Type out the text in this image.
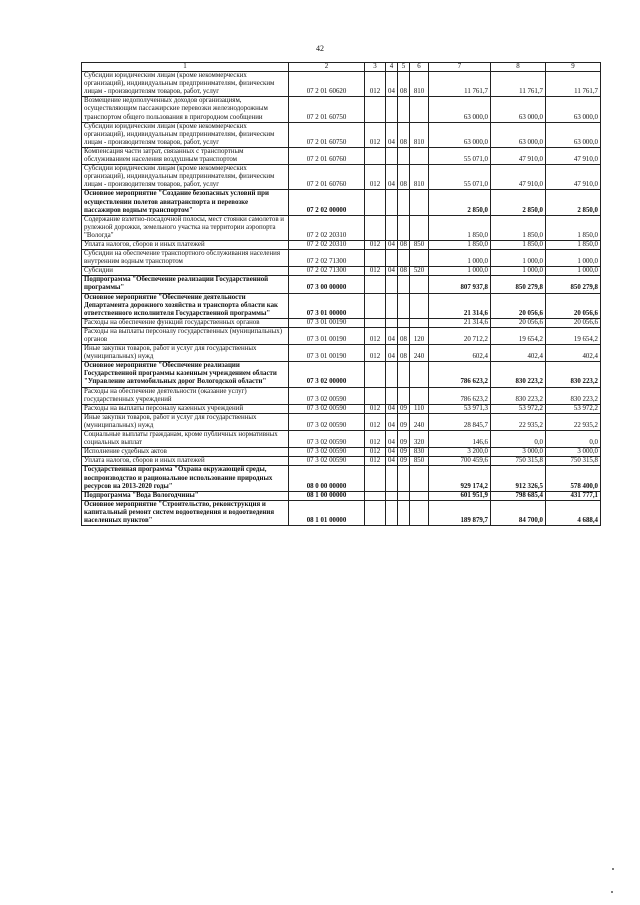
42
1	2	3	4	5	6	7	8	9
Субсидии юридическим лицам (кроме некоммерческих организаций), индивидуальным предпринимателям, физическим лицам - производителям товаров, работ, услуг	07 2 01 60620	012	04	08	810	11 761,7	11 761,7	11 761,7
Возмещение недополученных доходов организациям, осуществляющим пассажирские перевозки железнодорожным транспортом общего пользования в пригородном сообщении	07 2 01 60750					63 000,0	63 000,0	63 000,0
Субсидии юридическим лицам (кроме некоммерческих организаций), индивидуальным предпринимателям, физическим лицам - производителям товаров, работ, услуг	07 2 01 60750	012	04	08	810	63 000,0	63 000,0	63 000,0
Компенсация части затрат, связанных с транспортным обслуживанием населения воздушным транспортом	07 2 01 60760					55 071,0	47 910,0	47 910,0
Субсидии юридическим лицам (кроме некоммерческих организаций), индивидуальным предпринимателям, физическим лицам - производителям товаров, работ, услуг	07 2 01 60760	012	04	08	810	55 071,0	47 910,0	47 910,0
Основное мероприятие "Создание безопасных условий при осуществлении полетов авиатранспорта и перевозке пассажиров водным транспортом"	07 2 02 00000					2 850,0	2 850,0	2 850,0
Содержание взлетно-посадочной полосы, мест стоянки самолетов и рулежной дорожки, земельного участка на территории аэропорта "Вологда"	07 2 02 20310					1 850,0	1 850,0	1 850,0
Уплата налогов, сборов и иных платежей	07 2 02 20310	012	04	08	850	1 850,0	1 850,0	1 850,0
Субсидии на обеспечение транспортного обслуживания населения внутренним водным транспортом	07 2 02 71300					1 000,0	1 000,0	1 000,0
Субсидии	07 2 02 71300	012	04	08	520	1 000,0	1 000,0	1 000,0
Подпрограмма "Обеспечение реализации Государственной программы"	07 3 00 00000					807 937,8	850 279,8	850 279,8
Основное мероприятие "Обеспечение деятельности Департамента дорожного хозяйства и транспорта области как ответственного исполнителя Государственной программы"	07 3 01 00000					21 314,6	20 056,6	20 056,6
Расходы на обеспечение функций государственных органов	07 3 01 00190					21 314,6	20 056,6	20 056,6
Расходы на выплаты персоналу государственных (муниципальных) органов	07 3 01 00190	012	04	08	120	20 712,2	19 654,2	19 654,2
Иные закупки товаров, работ и услуг для государственных (муниципальных) нужд	07 3 01 00190	012	04	08	240	602,4	402,4	402,4
Основное мероприятие "Обеспечение реализации Государственной программы казенным учреждением области "Управление автомобильных дорог Вологодской области"	07 3 02 00000					786 623,2	830 223,2	830 223,2
Расходы на обеспечение деятельности (оказание услуг) государственных учреждений	07 3 02 00590					786 623,2	830 223,2	830 223,2
Расходы на выплаты персоналу казенных учреждений	07 3 02 00590	012	04	09	110	53 971,3	53 972,2	53 972,2
Иные закупки товаров, работ и услуг для государственных (муниципальных) нужд	07 3 02 00590	012	04	09	240	28 845,7	22 935,2	22 935,2
Социальные выплаты гражданам, кроме публичных нормативных социальных выплат	07 3 02 00590	012	04	09	320	146,6	0,0	0,0
Исполнение судебных актов	07 3 02 00590	012	04	09	830	3 200,0	3 000,0	3 000,0
Уплата налогов, сборов и иных платежей	07 3 02 00590	012	04	09	850	700 459,6	750 315,8	750 315,8
Государственная программа "Охрана окружающей среды, воспроизводство и рациональное использование природных ресурсов на 2013-2020 годы"	08 0 00 00000					929 174,2	912 326,5	578 400,0
Подпрограмма "Вода Вологодчины"	08 1 00 00000					601 951,9	798 685,4	431 777,1
Основное мероприятие "Строительство, реконструкция и капитальный ремонт систем водоотведения и водоотведения населенных пунктов"	08 1 01 00000					189 879,7	84 700,0	4 688,4
